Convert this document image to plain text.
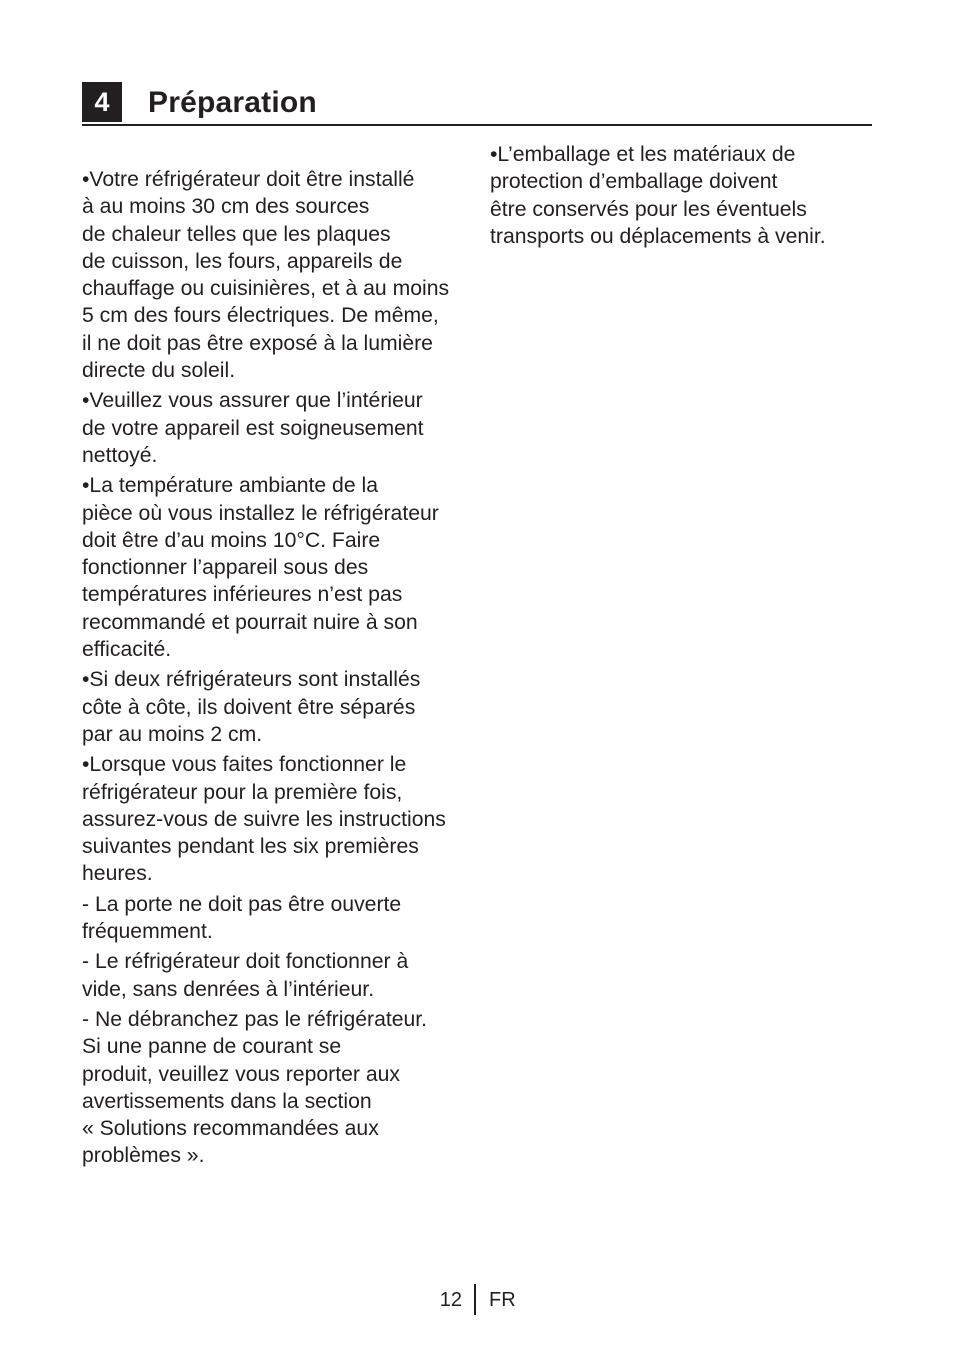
4	Préparation

•Votre réfrigérateur doit être installé
à au moins 30 cm des sources
de chaleur telles que les plaques
de cuisson, les fours, appareils de
chauffage ou cuisinières, et à au moins
5 cm des fours électriques. De même,
il ne doit pas être exposé à la lumière
directe du soleil.

•Veuillez vous assurer que l’intérieur
de votre appareil est soigneusement
nettoyé.

•La température ambiante de la
pièce où vous installez le réfrigérateur
doit être d’au moins 10°C. Faire
fonctionner l’appareil sous des
températures inférieures n’est pas
recommandé et pourrait nuire à son
efficacité.

•Si deux réfrigérateurs sont installés
côte à côte, ils doivent être séparés
par au moins 2 cm.

•Lorsque vous faites fonctionner le
réfrigérateur pour la première fois,
assurez-vous de suivre les instructions
suivantes pendant les six premières
heures.

- La porte ne doit pas être ouverte
fréquemment.

- Le réfrigérateur doit fonctionner à
vide, sans denrées à l’intérieur.

- Ne débranchez pas le réfrigérateur.
Si une panne de courant se
produit, veuillez vous reporter aux
avertissements dans la section
« Solutions recommandées aux
problèmes ».

•L’emballage et les matériaux de
protection d’emballage doivent
être conservés pour les éventuels
transports ou déplacements à venir.

12 FR
